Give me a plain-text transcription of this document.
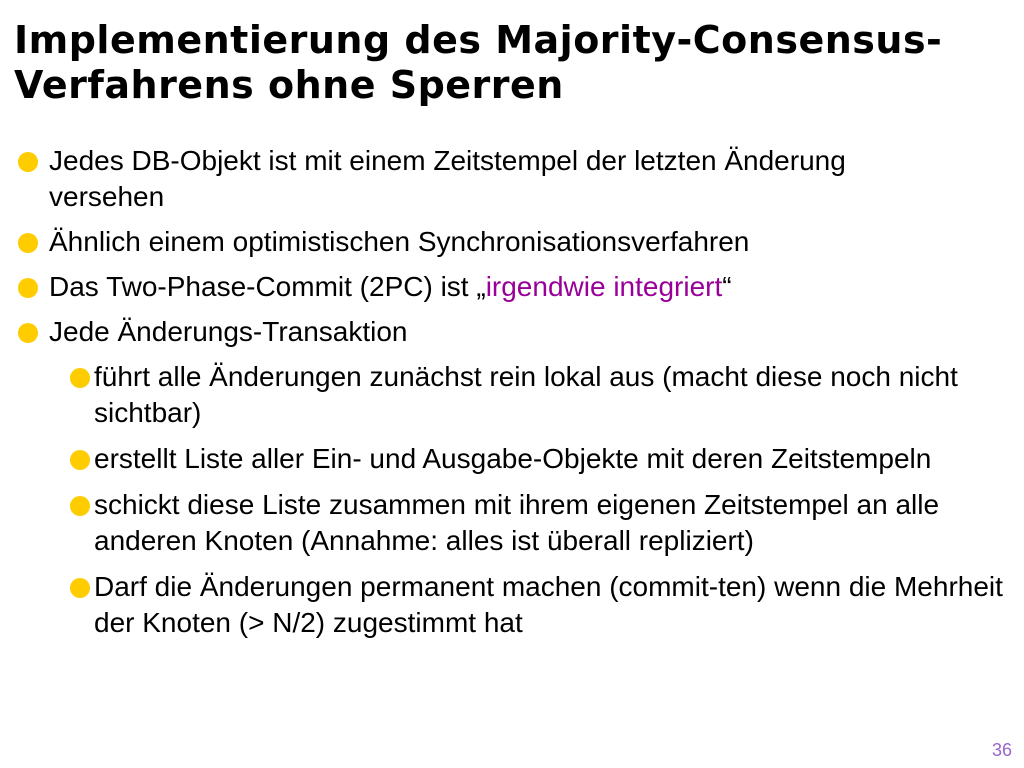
Implementierung des Majority-Consensus-Verfahrens ohne Sperren
Jedes DB-Objekt ist mit einem Zeitstempel der letzten Änderung versehen
Ähnlich einem optimistischen Synchronisationsverfahren
Das Two-Phase-Commit (2PC) ist „irgendwie integriert“
Jede Änderungs-Transaktion
führt alle Änderungen zunächst rein lokal aus (macht diese noch nicht sichtbar)
erstellt Liste aller Ein- und Ausgabe-Objekte mit deren Zeitstempeln
schickt diese Liste zusammen mit ihrem eigenen Zeitstempel an alle anderen Knoten (Annahme: alles ist überall repliziert)
Darf die Änderungen permanent machen (commit-ten) wenn die Mehrheit der Knoten (> N/2) zugestimmt hat
36
